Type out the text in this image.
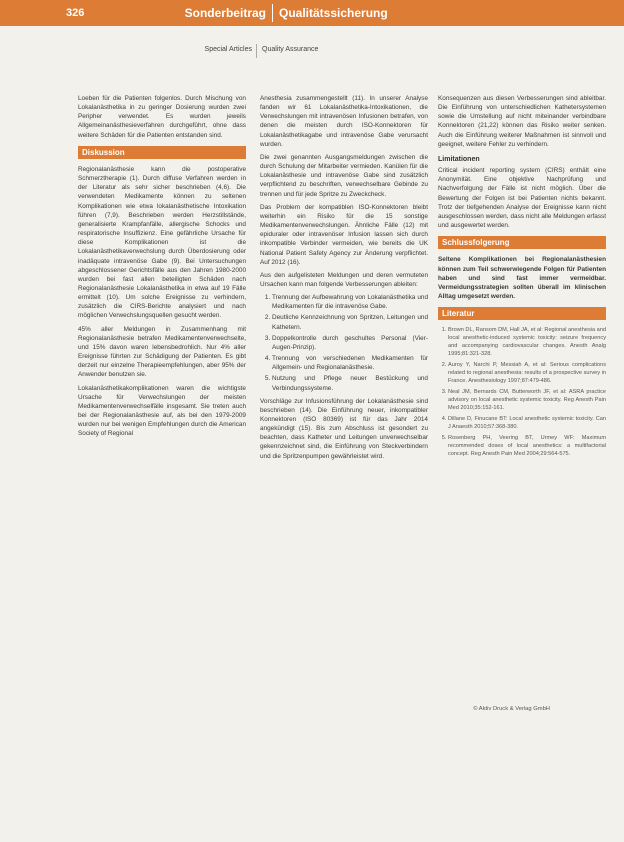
326	Sonderbeitrag Qualitätssicherung
Special Articles Quality Assurance

Loeben für die Patienten folgenlos. Durch Mischung von Lokalanästhetika in zu geringer Dosierung wurden zwei Peripher verwendet. Es wurden jeweils Allgemeinanästhesieverfahren durchgeführt, ohne dass weitere Schäden für die Patienten entstanden sind.

Diskussion

Regionalanästhesie kann die postoperative Schmerztherapie (1). Durch diffuse Verfahren werden in der Literatur als sehr sicher beschrieben (4,6). Die verwendeten Medikamente können zu seltenen Komplikationen wie etwa lokalanästhetische Intoxikation führen (7,9). Beschrieben werden Herzstillstände, generalisierte Krampfanfälle, allergische Schocks und respiratorische Insuffizienz. Eine gefährliche Ursache für diese Komplikationen ist die Lokalanästhetikaverwechslung durch Überdosierung oder inadäquate intravenöse Gabe (9). Bei Untersuchungen abgeschlossener Gerichtsfälle aus den Jahren 1980-2000 wurden bei fast allen beteiligten Schäden nach Regionalanästhesie Lokalanästhetika in etwa auf 19 Fälle ermittelt (10). Um solche Ereignisse zu verhindern, zusätzlich die CIRS-Berichte analysiert und nach möglichen Verwechslungsquellen gesucht werden.

45% aller Meldungen in Zusammenhang mit Regionalanästhesie betrafen Medikamentenverwechselte, und 15% davon waren lebensbedrohlich. Nur 4% aller Ereignisse führten zur Schädigung der Patienten. Es gibt derzeit nur einzelne Therapieempfehlungen, aber 95% der Anwender benutzen sie.

Lokalanästhetikakomplikationen waren die wichtigste Ursache für Verwechslungen der meisten Medikamentenverwechselfälle insgesamt. Sie treten auch bei der Regionalanästhesie auf, als bei den 1979-2009 wurden nur bei wenigen Empfehlungen durch die American Society of Regional

Anesthesia zusammengestellt (11). In unserer Analyse fanden wir 61 Lokalanästhetika-Intoxikationen, die Verwechslungen mit intravenösen Infusionen betrafen, von denen die meisten durch ISO-Konnektoren für Lokalanästhetikagabe und intravenöse Gabe verursacht wurden.

Die zwei genannten Ausgangsmeldungen zwischen die durch Schulung der Mitarbeiter vermieden. Kanülen für die Lokalanästhesie und intravenöse Gabe sind zusätzlich verpflichtend zu beschriften, verwechselbare Gebinde zu trennen und für jede Spritze zu Zweckcheck.

Das Problem der kompatiblen ISO-Konnektoren bleibt weiterhin ein Risiko für die 15 sonstige Medikamentenverwechslungen. Ähnliche Fälle (12) mit epiduraler oder intravenöser Infusion lassen sich durch inkompatible Verbinder vermeiden, wie bereits die UK National Patient Safety Agency zur Änderung verpflichtet. Auf 2012 (16).

Aus den aufgelisteten Meldungen und deren vermuteten Ursachen kann man folgende Verbesserungen ableiten:

1. Trennung der Aufbewahrung von Lokalanästhetika und Medikamenten für die intravenöse Gabe.
2. Deutliche Kennzeichnung von Spritzen, Leitungen und Kathetern.
3. Doppelkontrolle durch geschultes Personal (Vier-Augen-Prinzip).
4. Trennung von verschiedenen Medikamenten für Allgemein- und Regionalanästhesie.
5. Nutzung und Pflege neuer Bestückung und Verbindungssysteme.

Vorschläge zur Infusionsführung der Lokalanästhesie sind beschrieben (14). Die Einführung neuer, inkompatibler Konnektoren (ISO 80369) ist für das Jahr 2014 angekündigt (15). Bis zum Abschluss ist gesondert zu beachten, dass Katheter und Leitungen unverwechselbar gekennzeichnet sind, die Einführung von Steckverbindern und die Spritzenpumpen gewährleistet wird.

Konsequenzen aus diesen Verbesserungen sind ableitbar. Die Einführung von unterschiedlichen Kathetersystemen sowie die Umstellung auf nicht miteinander verbindbare Konnektoren (21,22) können das Risiko weiter senken. Auch die Einführung weiterer Maßnahmen ist sinnvoll und geeignet, weitere Fehler zu verhindern.

Limitationen

Critical incident reporting system (CIRS) enthält eine Anonymität. Eine objektive Nachprüfung und Nachverfolgung der Fälle ist nicht möglich. Über die Bewertung der Folgen ist bei Patienten nichts bekannt. Trotz der tiefgehenden Analyse der Ereignisse kann nicht ausgeschlossen werden, dass nicht alle Meldungen erfasst und ausgewertet werden.

Schlussfolgerung

Seltene Komplikationen bei Regionalanästhesien können zum Teil schwerwiegende Folgen für Patienten haben und sind fast immer vermeidbar. Vermeidungsstrategien sollten überall im klinischen Alltag umgesetzt werden.

Literatur
1. Brown DL, Ransom DM, Hall JA, et al: Regional anesthesia and local anesthetic-induced systemic toxicity: seizure frequency and accompanying cardiovascular changes. Anesth Analg 1995;81:321-328.
2. Auroy Y, Narchi P, Messiah A, et al: Serious complications related to regional anesthesia: results of a prospective survey in France. Anesthesiology 1997;87:479-486.
3. Neal JM, Bernards CM, Butterworth JF, et al: ASRA practice advisory on local anesthetic systemic toxicity. Reg Anesth Pain Med 2010;35:152-161.
4. Dillane D, Finucane BT: Local anesthetic systemic toxicity. Can J Anaesth 2010;57:368-380.
5. Rosenberg PH, Veering BT, Urmey WF: Maximum recommended doses of local anesthetics: a multifactorial concept. Reg Anesth Pain Med 2004;29:564-575.
© Aktiv Druck & Verlag GmbH
